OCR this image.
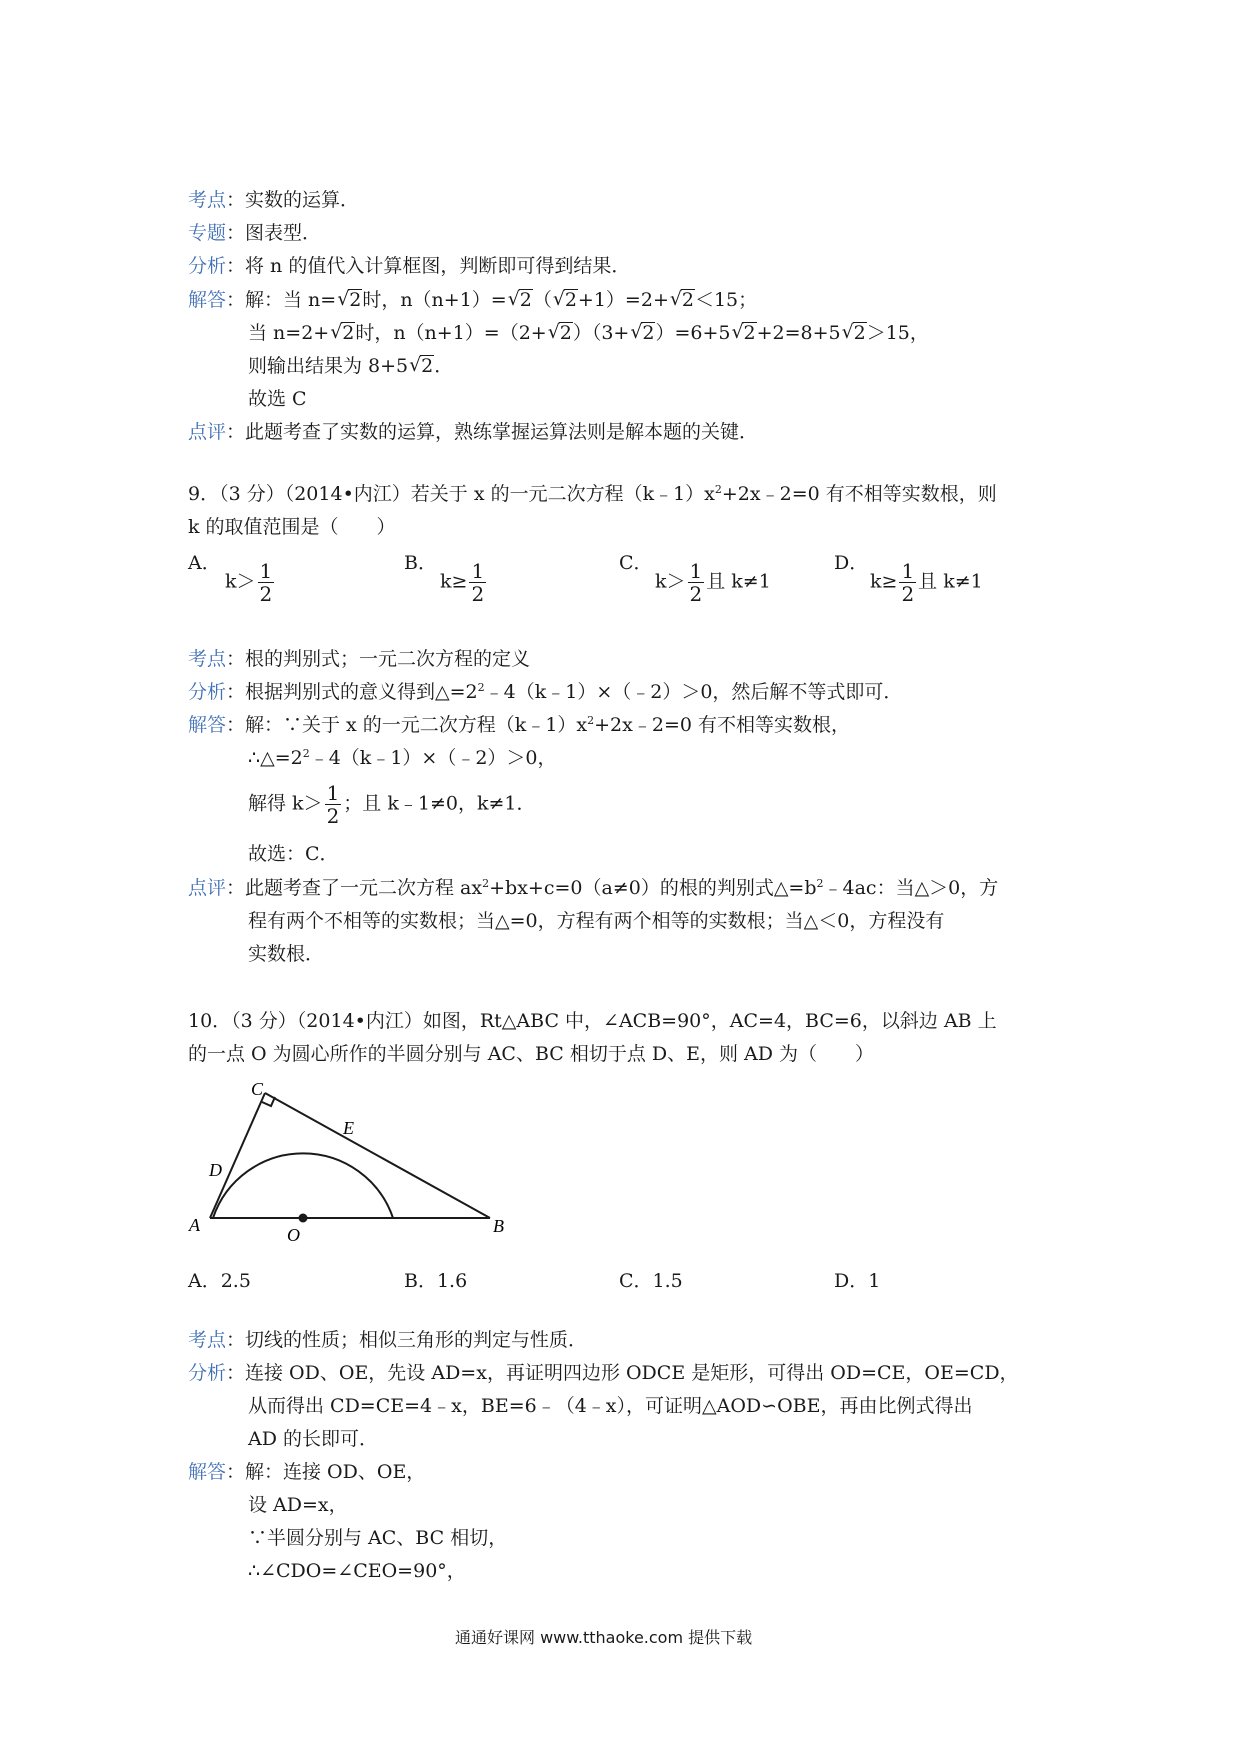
考点：实数的运算．
专题：图表型．
分析：将 n 的值代入计算框图，判断即可得到结果．
解答：解：当 n= √ 2时，n（n+1）= √ 2（ √ 2+1）=2+ √ 2＜15；
当 n=2+ √ 2时，n（n+1）=（2+ √ 2）（3+ √ 2）=6+5 √ 2+2=8+5 √ 2＞15，
则输出结果为 8+5 √ 2．
故选 C
点评：此题考查了实数的运算，熟练掌握运算法则是解本题的关键．
9．（3 分）（2014•内江）若关于 x 的一元二次方程$(k﹣1)x^2+2x﹣2=0$ 有不相等实数根，则
k 的取值范围是（　　）
A．
$k> \frac{1}{2}$	B．
$k\ge \frac{1}{2}$	C．
$k> \frac{1}{2}$ 且 k≠1
D．
$k\ge \frac{1}{2}$ 且 k≠1
考点：根的判别式；一元二次方程的定义
分析：根据判别式的意义得到$\triangle=2^2﹣4(k﹣1)\times(﹣2)>0$，然后解不等式即可．
解答：解：∵关于 x 的一元二次方程$(k﹣1)x^2+2x﹣2=0$ 有不相等实数根，
$\therefore\triangle=2^2﹣4(k﹣1)\times(﹣2)>0$，
解得 $k> \frac{1}{2}$ ；且 k﹣1≠0，k≠1．
故选：C．
点评：此题考查了一元二次方程 $ax^2+bx+c=0(a\ne 0)$的根的判别式$\triangle=b^2﹣4ac$：当△＞0，方
程有两个不相等的实数根；当△=0，方程有两个相等的实数根；当△＜0，方程没有
实数根．
10．（3 分）（2014•内江）如图，Rt△ABC 中，∠ACB=90°，AC=4，BC=6，以斜边 AB 上
的一点 O 为圆心所作的半圆分别与 AC、BC 相切于点 D、E，则 AD 为（　　）
C
E
D
A	O	B
A．2.5	B．1.6	C．1.5	D．1
考点：切线的性质；相似三角形的判定与性质．
分析：连接 OD、OE，先设 AD=x，再证明四边形 ODCE 是矩形，可得出 OD=CE，OE=CD，
从而得出 CD=CE=4﹣x，BE=6﹣（4﹣x），可证明△AOD∽OBE，再由比例式得出
AD 的长即可．
解答：解：连接 OD、OE，
设 AD=x，
∵半圆分别与 AC、BC 相切，
∴∠CDO=∠CEO=90°，
通通好课网 www.tthaoke.com 提供下载
